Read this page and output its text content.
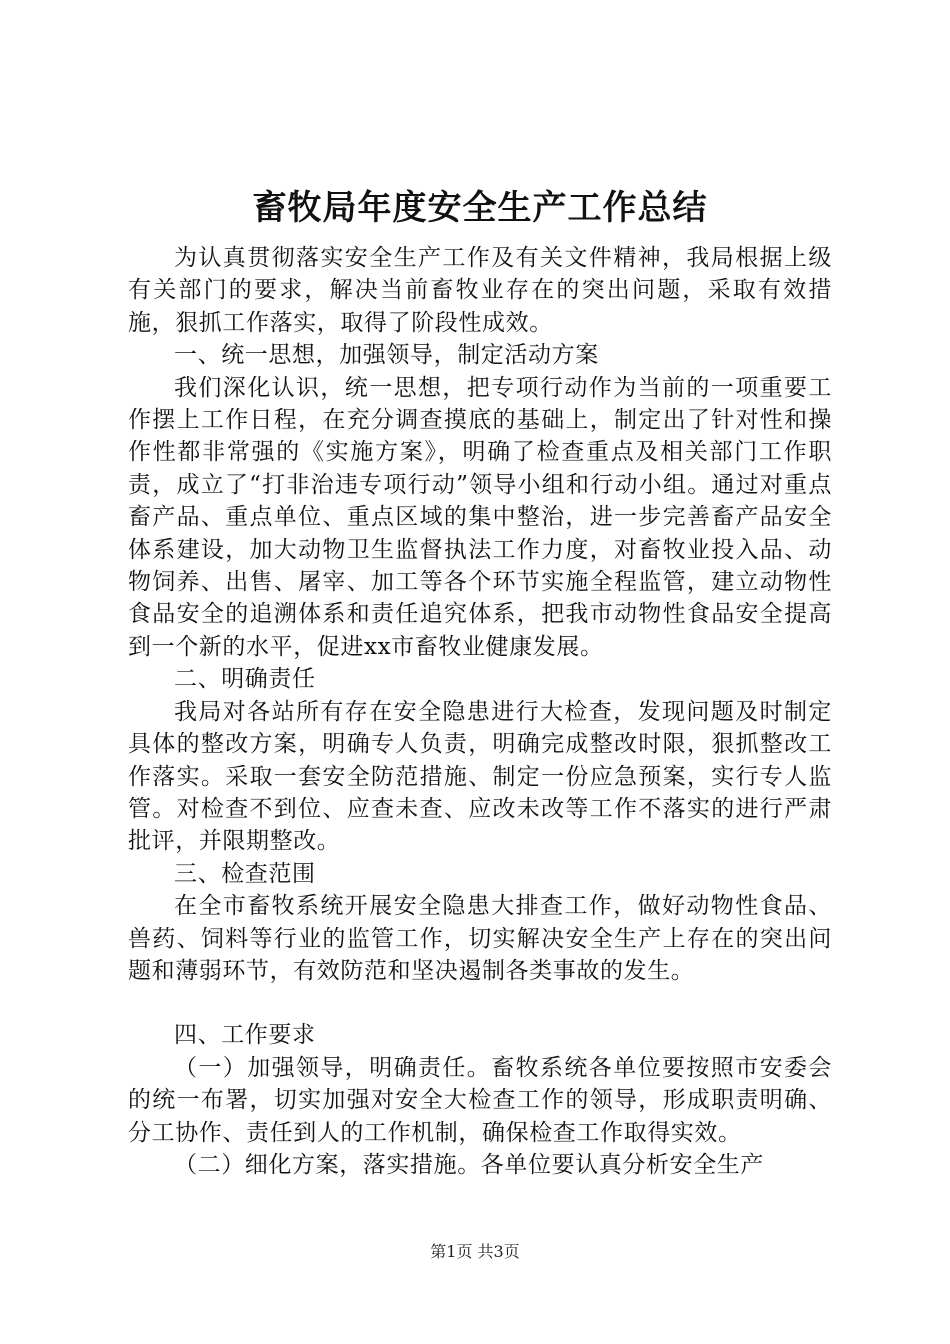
畜牧局年度安全生产工作总结

为认真贯彻落实安全生产工作及有关文件精神，我局根据上级有关部门的要求，解决当前畜牧业存在的突出问题，采取有效措施，狠抓工作落实，取得了阶段性成效。

一、统一思想，加强领导，制定活动方案

我们深化认识，统一思想，把专项行动作为当前的一项重要工作摆上工作日程，在充分调查摸底的基础上，制定出了针对性和操作性都非常强的《实施方案》，明确了检查重点及相关部门工作职责，成立了“打非治违专项行动”领导小组和行动小组。通过对重点畜产品、重点单位、重点区域的集中整治，进一步完善畜产品安全体系建设，加大动物卫生监督执法工作力度，对畜牧业投入品、动物饲养、出售、屠宰、加工等各个环节实施全程监管，建立动物性食品安全的追溯体系和责任追究体系，把我市动物性食品安全提高到一个新的水平，促进xx市畜牧业健康发展。

二、明确责任

我局对各站所有存在安全隐患进行大检查，发现问题及时制定具体的整改方案，明确专人负责，明确完成整改时限，狠抓整改工作落实。采取一套安全防范措施、制定一份应急预案，实行专人监管。对检查不到位、应查未查、应改未改等工作不落实的进行严肃批评，并限期整改。

三、检查范围

在全市畜牧系统开展安全隐患大排查工作，做好动物性食品、兽药、饲料等行业的监管工作，切实解决安全生产上存在的突出问题和薄弱环节，有效防范和坚决遏制各类事故的发生。

四、工作要求

（一）加强领导，明确责任。畜牧系统各单位要按照市安委会的统一布署，切实加强对安全大检查工作的领导，形成职责明确、分工协作、责任到人的工作机制，确保检查工作取得实效。

（二）细化方案，落实措施。各单位要认真分析安全生产

第1页 共3页
